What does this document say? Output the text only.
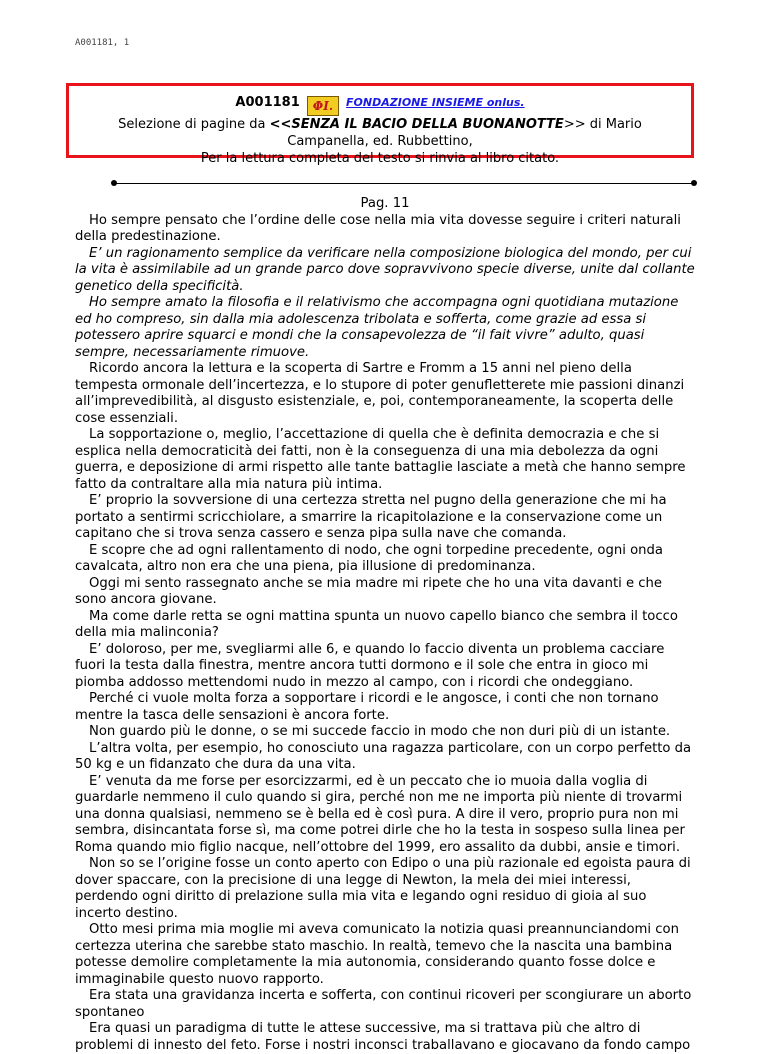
A001181, 1
A001181 ΦI. FONDAZIONE INSIEME onlus.
Selezione di pagine da <<SENZA IL BACIO DELLA BUONANOTTE>> di Mario
Campanella, ed. Rubbettino,
Per la lettura completa del testo si rinvia al libro citato.

Pag. 11

Ho sempre pensato che l’ordine delle cose nella mia vita dovesse seguire i criteri naturali della predestinazione.

E’ un ragionamento semplice da verificare nella composizione biologica del mondo, per cui la vita è assimilabile ad un grande parco dove sopravvivono specie diverse, unite dal collante genetico della specificità.

Ho sempre amato la filosofia e il relativismo che accompagna ogni quotidiana mutazione ed ho compreso, sin dalla mia adolescenza tribolata e sofferta, come grazie ad essa si potessero aprire squarci e mondi che la consapevolezza de “il fait vivre” adulto, quasi sempre, necessariamente rimuove.

Ricordo ancora la lettura e la scoperta di Sartre e Fromm a 15 anni nel pieno della tempesta ormonale dell’incertezza, e lo stupore di poter genufletterete mie passioni dinanzi all’imprevedibilità, al disgusto esistenziale, e, poi, contemporaneamente, la scoperta delle cose essenziali.

La sopportazione o, meglio, l’accettazione di quella che è definita democrazia e che si esplica nella democraticità dei fatti, non è la conseguenza di una mia debolezza da ogni guerra, e deposizione di armi rispetto alle tante battaglie lasciate a metà che hanno sempre fatto da contraltare alla mia natura più intima.

E’ proprio la sovversione di una certezza stretta nel pugno della generazione che mi ha portato a sentirmi scricchiolare, a smarrire la ricapitolazione e la conservazione come un capitano che si trova senza cassero e senza pipa sulla nave che comanda.

E scopre che ad ogni rallentamento di nodo, che ogni torpedine precedente, ogni onda cavalcata, altro non era che una piena, pia illusione di predominanza.

Oggi mi sento rassegnato anche se mia madre mi ripete che ho una vita davanti e che sono ancora giovane.

Ma come darle retta se ogni mattina spunta un nuovo capello bianco che sembra il tocco della mia malinconia?

E’ doloroso, per me, svegliarmi alle 6, e quando lo faccio diventa un problema cacciare fuori la testa dalla finestra, mentre ancora tutti dormono e il sole che entra in gioco mi piomba addosso mettendomi nudo in mezzo al campo, con i ricordi che ondeggiano.

Perché ci vuole molta forza a sopportare i ricordi e le angosce, i conti che non tornano mentre la tasca delle sensazioni è ancora forte.

Non guardo più le donne, o se mi succede faccio in modo che non duri più di un istante.

L’altra volta, per esempio, ho conosciuto una ragazza particolare, con un corpo perfetto da 50 kg e un fidanzato che dura da una vita.

E’ venuta da me forse per esorcizzarmi, ed è un peccato che io muoia dalla voglia di guardarle nemmeno il culo quando si gira, perché non me ne importa più niente di trovarmi una donna qualsiasi, nemmeno se è bella ed è così pura. A dire il vero, proprio pura non mi sembra, disincantata forse sì, ma come potrei dirle che ho la testa in sospeso sulla linea per Roma quando mio figlio nacque, nell’ottobre del 1999, ero assalito da dubbi, ansie e timori.

Non so se l’origine fosse un conto aperto con Edipo o una più razionale ed egoista paura di dover spaccare, con la precisione di una legge di Newton, la mela dei miei interessi, perdendo ogni diritto di prelazione sulla mia vita e legando ogni residuo di gioia al suo incerto destino.

Otto mesi prima mia moglie mi aveva comunicato la notizia quasi preannunciandomi con certezza uterina che sarebbe stato maschio. In realtà, temevo che la nascita una bambina potesse demolire completamente la mia autonomia, considerando quanto fosse dolce e immaginabile questo nuovo rapporto.

Era stata una gravidanza incerta e sofferta, con continui ricoveri per scongiurare un aborto spontaneo

Era quasi un paradigma di tutte le attese successive, ma si trattava più che altro di problemi di innesto del feto. Forse i nostri inconsci traballavano e giocavano da fondo campo
